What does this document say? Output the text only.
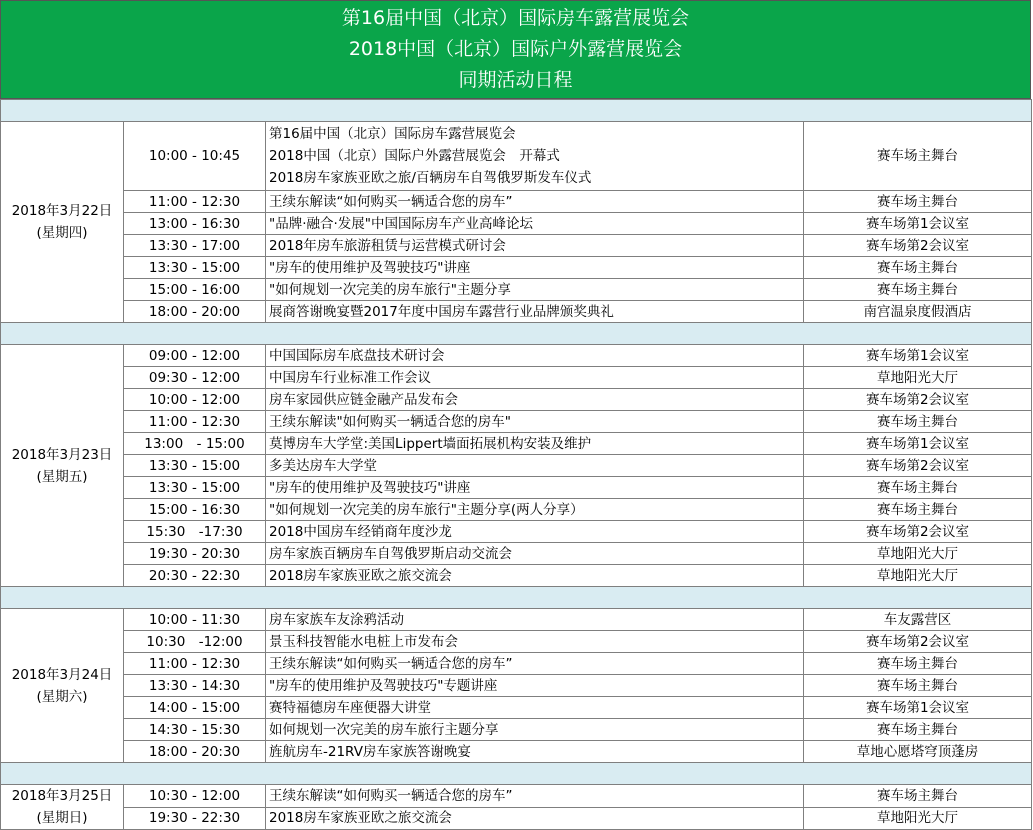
第16届中国（北京）国际房车露营展览会
2018中国（北京）国际户外露营展览会
同期活动日程

2018年3月22日
(星期四)	10:00 - 10:45	第16届中国（北京）国际房车露营展览会
2018中国（北京）国际户外露营展览会　开幕式
2018房车家族亚欧之旅/百辆房车自驾俄罗斯发车仪式	赛车场主舞台
	11:00 - 12:30	王续东解读“如何购买一辆适合您的房车”	赛车场主舞台
	13:00 - 16:30	"品牌·融合·发展"中国国际房车产业高峰论坛	赛车场第1会议室
	13:30 - 17:00	2018年房车旅游租赁与运营模式研讨会	赛车场第2会议室
	13:30 - 15:00	"房车的使用维护及驾驶技巧"讲座	赛车场主舞台
	15:00 - 16:00	"如何规划一次完美的房车旅行"主题分享	赛车场主舞台
	18:00 - 20:00	展商答谢晚宴暨2017年度中国房车露营行业品牌颁奖典礼	南宫温泉度假酒店

2018年3月23日
(星期五)	09:00 - 12:00	中国国际房车底盘技术研讨会	赛车场第1会议室
	09:30 - 12:00	中国房车行业标准工作会议	草地阳光大厅
	10:00 - 12:00	房车家园供应链金融产品发布会	赛车场第2会议室
	11:00 - 12:30	王续东解读"如何购买一辆适合您的房车"	赛车场主舞台
	13:00　- 15:00	莫博房车大学堂:美国Lippert墙面拓展机构安装及维护	赛车场第1会议室
	13:30 - 15:00	多美达房车大学堂	赛车场第2会议室
	13:30 - 15:00	"房车的使用维护及驾驶技巧"讲座	赛车场主舞台
	15:00 - 16:30	"如何规划一次完美的房车旅行"主题分享(两人分享）	赛车场主舞台
	15:30　-17:30	2018中国房车经销商年度沙龙	赛车场第2会议室
	19:30 - 20:30	房车家族百辆房车自驾俄罗斯启动交流会	草地阳光大厅
	20:30 - 22:30	2018房车家族亚欧之旅交流会	草地阳光大厅

2018年3月24日
(星期六)	10:00 - 11:30	房车家族车友涂鸦活动	车友露营区
	10:30　-12:00	景玉科技智能水电桩上市发布会	赛车场第2会议室
	11:00 - 12:30	王续东解读“如何购买一辆适合您的房车”	赛车场主舞台
	13:30 - 14:30	"房车的使用维护及驾驶技巧"专题讲座	赛车场主舞台
	14:00 - 15:00	赛特福德房车座便器大讲堂	赛车场第1会议室
	14:30 - 15:30	如何规划一次完美的房车旅行主题分享	赛车场主舞台
	18:00 - 20:30	旌航房车-21RV房车家族答谢晚宴	草地心愿塔穹顶蓬房

2018年3月25日
(星期日)	10:30 - 12:00	王续东解读“如何购买一辆适合您的房车”	赛车场主舞台
	19:30 - 22:30	2018房车家族亚欧之旅交流会	草地阳光大厅
